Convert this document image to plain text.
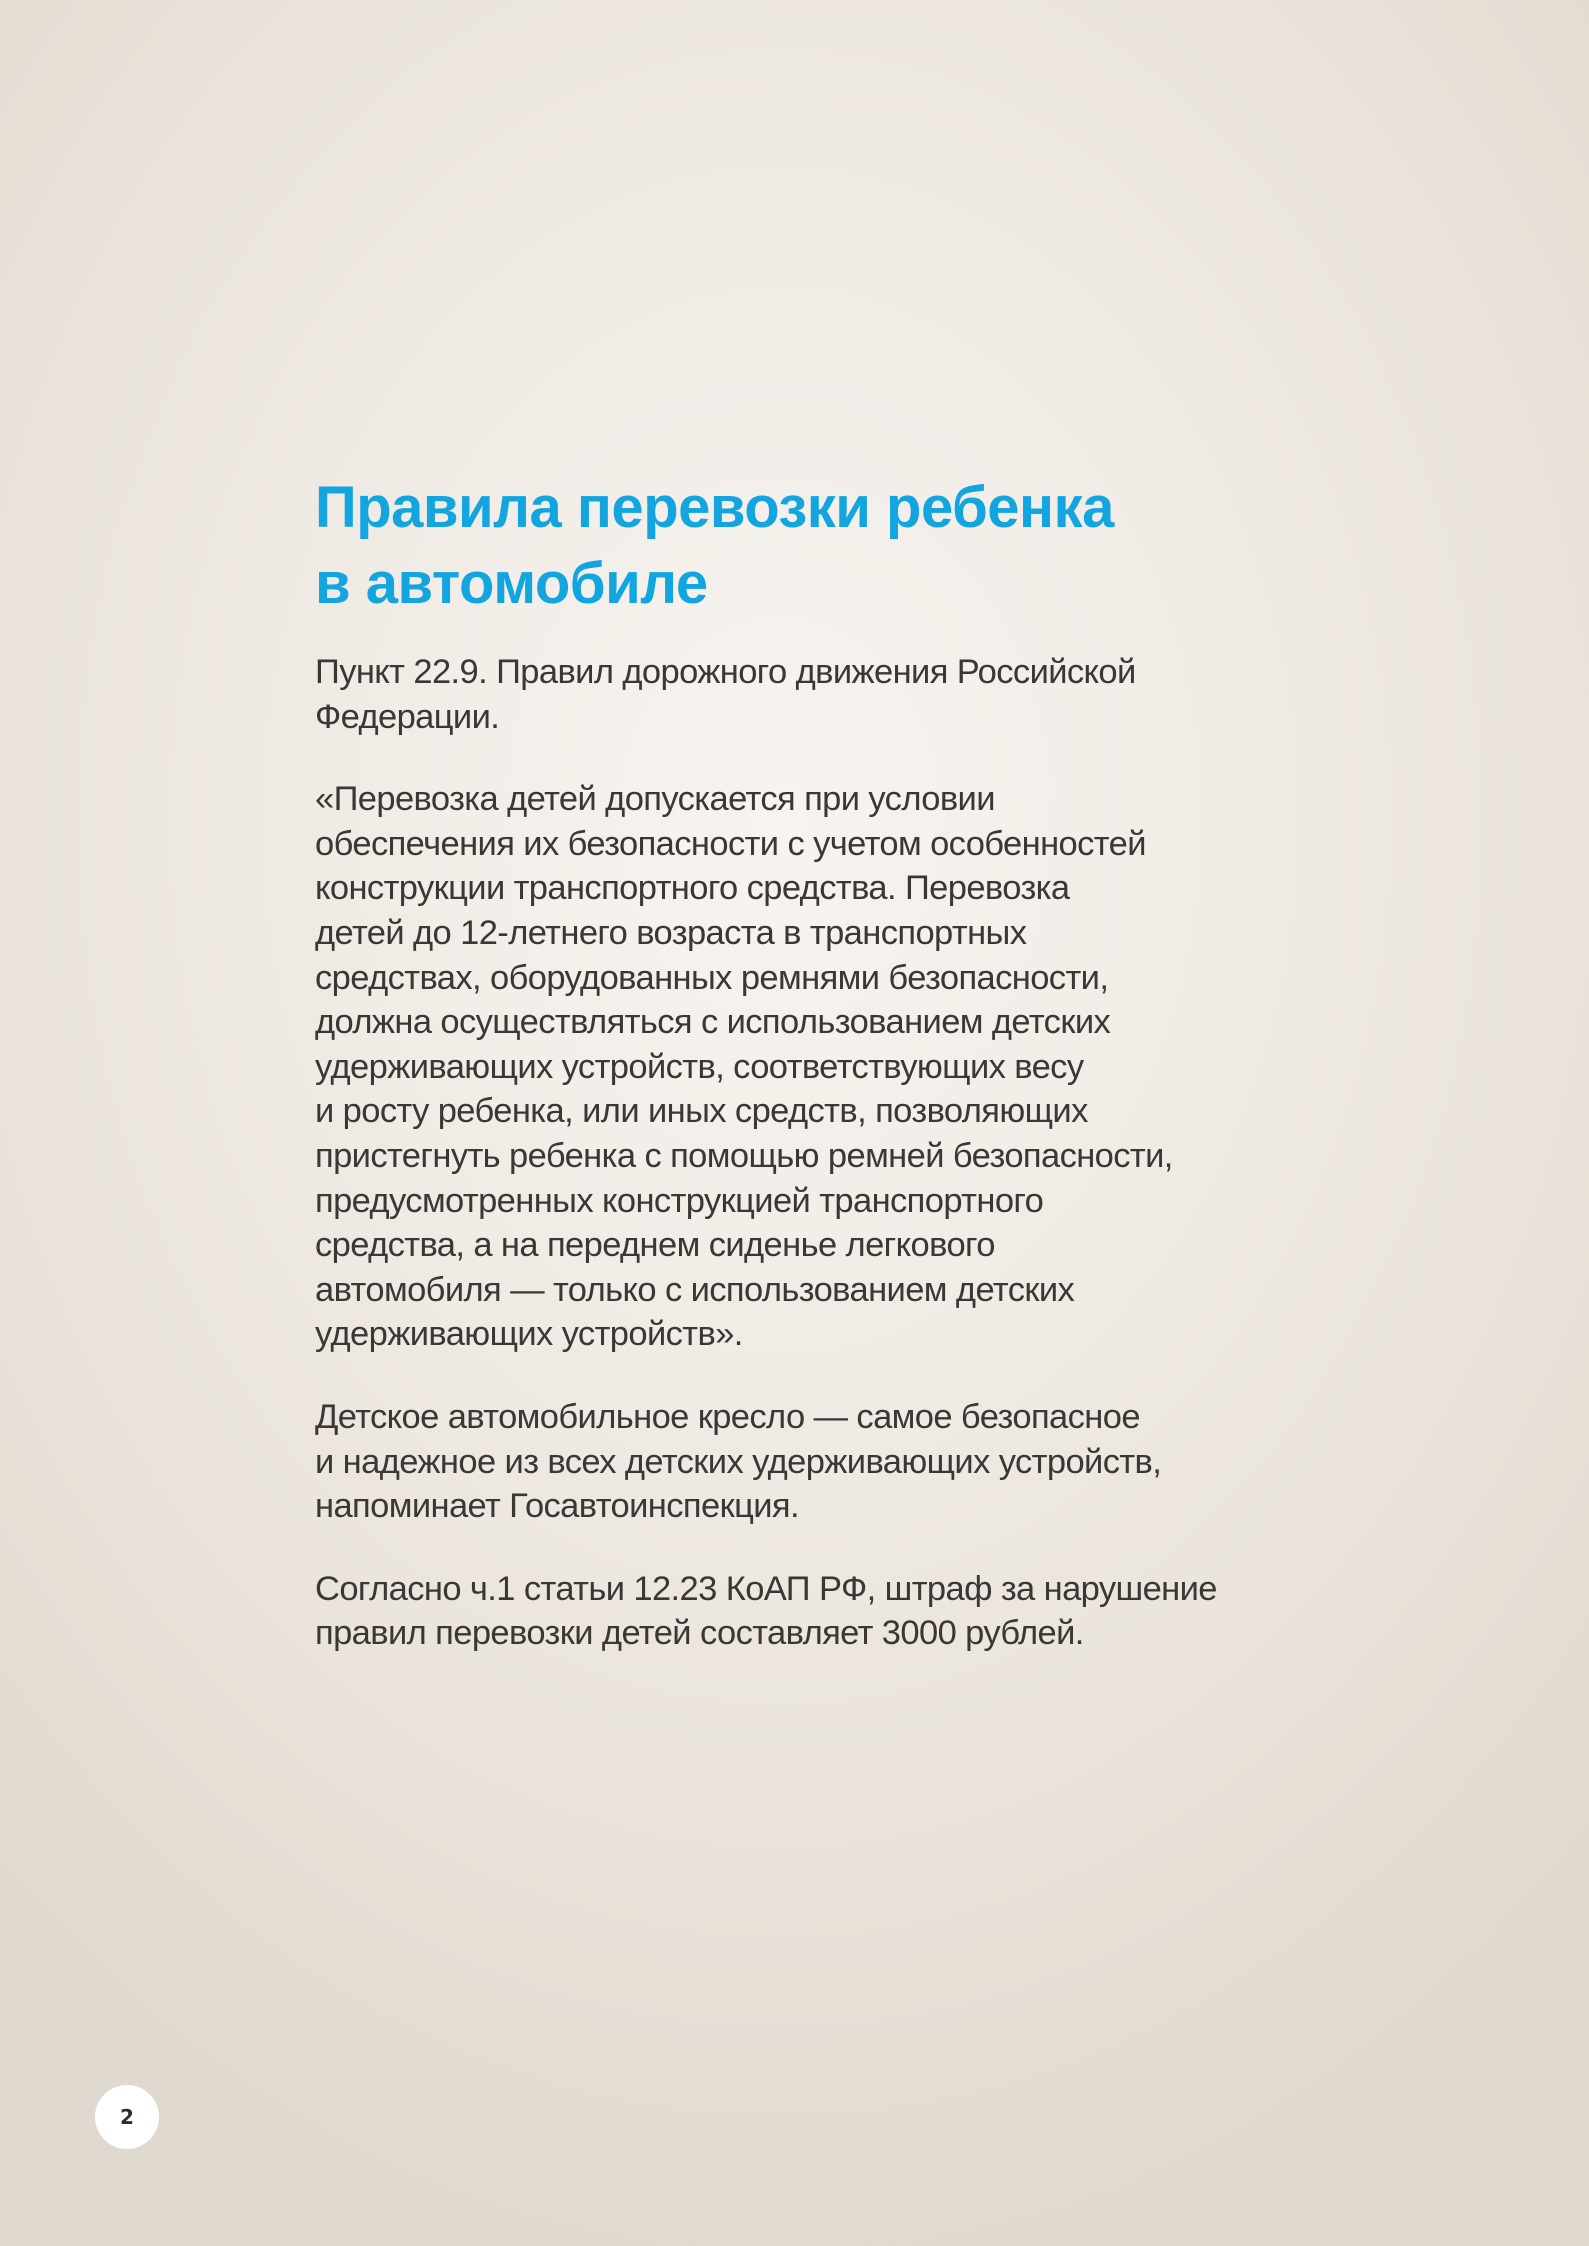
Правила перевозки ребенка
в автомобиле

Пункт 22.9. Правил дорожного движения Российской
Федерации.

«Перевозка детей допускается при условии
обеспечения их безопасности с учетом особенностей
конструкции транспортного средства. Перевозка
детей до 12-летнего возраста в транспортных
средствах, оборудованных ремнями безопасности,
должна осуществляться с использованием детских
удерживающих устройств, соответствующих весу
и росту ребенка, или иных средств, позволяющих
пристегнуть ребенка с помощью ремней безопасности,
предусмотренных конструкцией транспортного
средства, а на переднем сиденье легкового
автомобиля — только с использованием детских
удерживающих устройств».

Детское автомобильное кресло — самое безопасное
и надежное из всех детских удерживающих устройств,
напоминает Госавтоинспекция.

Согласно ч.1 статьи 12.23 КоАП РФ, штраф за нарушение
правил перевозки детей составляет 3000 рублей.

2
